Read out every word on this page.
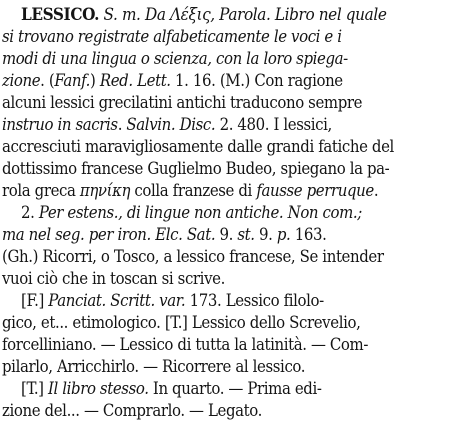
LESSICO. S. m. Da Λέξις, Parola. Libro nel quale
si trovano registrate alfabeticamente le voci e i
modi di una lingua o scienza, con la loro spiega-
zione. (Fanf.) Red. Lett. 1. 16. (M.) Con ragione
alcuni lessici grecilatini antichi traducono sempre
instruo in sacris. Salvin. Disc. 2. 480. I lessici,
accresciuti maravigliosamente dalle grandi fatiche del
dottissimo francese Guglielmo Budeo, spiegano la pa-
rola greca πηνίκη colla franzese di fausse perruque.
2. Per estens., di lingue non antiche. Non com.;
ma nel seg. per iron. Elc. Sat. 9. st. 9. p. 163.
(Gh.) Ricorri, o Tosco, a lessico francese, Se intender
vuoi ciò che in toscan si scrive.
[F.] Panciat. Scritt. var. 173. Lessico filolo-
gico, et... etimologico. [T.] Lessico dello Screvelio,
forcelliniano. — Lessico di tutta la latinità. — Com-
pilarlo, Arricchirlo. — Ricorrere al lessico.
[T.] Il libro stesso. In quarto. — Prima edi-
zione del... — Comprarlo. — Legato.
